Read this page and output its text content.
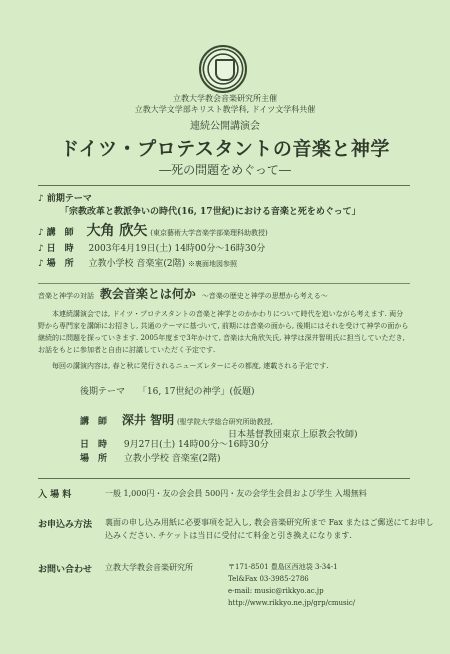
立教大学教会音楽研究所主催
立教大学文学部キリスト教学科, ドイツ文学科共催
連続公開講演会
ドイツ・プロテスタントの音楽と神学
―死の問題をめぐって―
♪ 前期テーマ
「宗教改革と教派争いの時代(16, 17世紀)における音楽と死をめぐって」
♪ 講　師 大角 欣矢 (東京藝術大学音楽学部楽理科助教授)
♪ 日　時 2003年4月19日(土) 14時00分～16時30分
♪ 場　所 立教小学校 音楽室(2階) ※裏面地図参照
音楽と神学の対話 教会音楽とは何か ～音楽の歴史と神学の思想から考える～
本連続講演会では, ドイツ・プロテスタントの音楽と神学とのかかわりについて時代を追いながら考えます. 両分野から専門家を講師にお招きし, 共通のテーマに基づいて, 前期には音楽の面から, 後期にはそれを受けて神学の面から継続的に問題を探っていきます. 2005年度まで3年かけて, 音楽は大角欣矢氏, 神学は深井智明氏に担当していただき, お話をもとに参加者と自由に討議していただく予定です.
毎回の講演内容は, 春と秋に発行されるニューズレターにその都度, 連載される予定です.
後期テーマ 「16, 17世紀の神学」(仮題)
講　師 深井 智明 (聖学院大学総合研究所助教授,
日本基督教団東京上原教会牧師)
日　時 9月27日(土) 14時00分～16時30分
場　所 立教小学校 音楽室(2階)
入 場 料	一般 1,000円・友の会会員 500円・友の会学生会員および学生 入場無料
お申込み方法 裏面の申し込み用紙に必要事項を記入し, 教会音楽研究所まで Fax またはご郵送にてお申し
込みください. チケットは当日に受付にて料金と引き換えになります.
お問い合わせ 立教大学教会音楽研究所	〒171-8501 豊島区西池袋 3-34-1
Tel&Fax 03-3985-2786
e-mail: music@rikkyo.ac.jp
http://www.rikkyo.ne.jp/grp/cmusic/
